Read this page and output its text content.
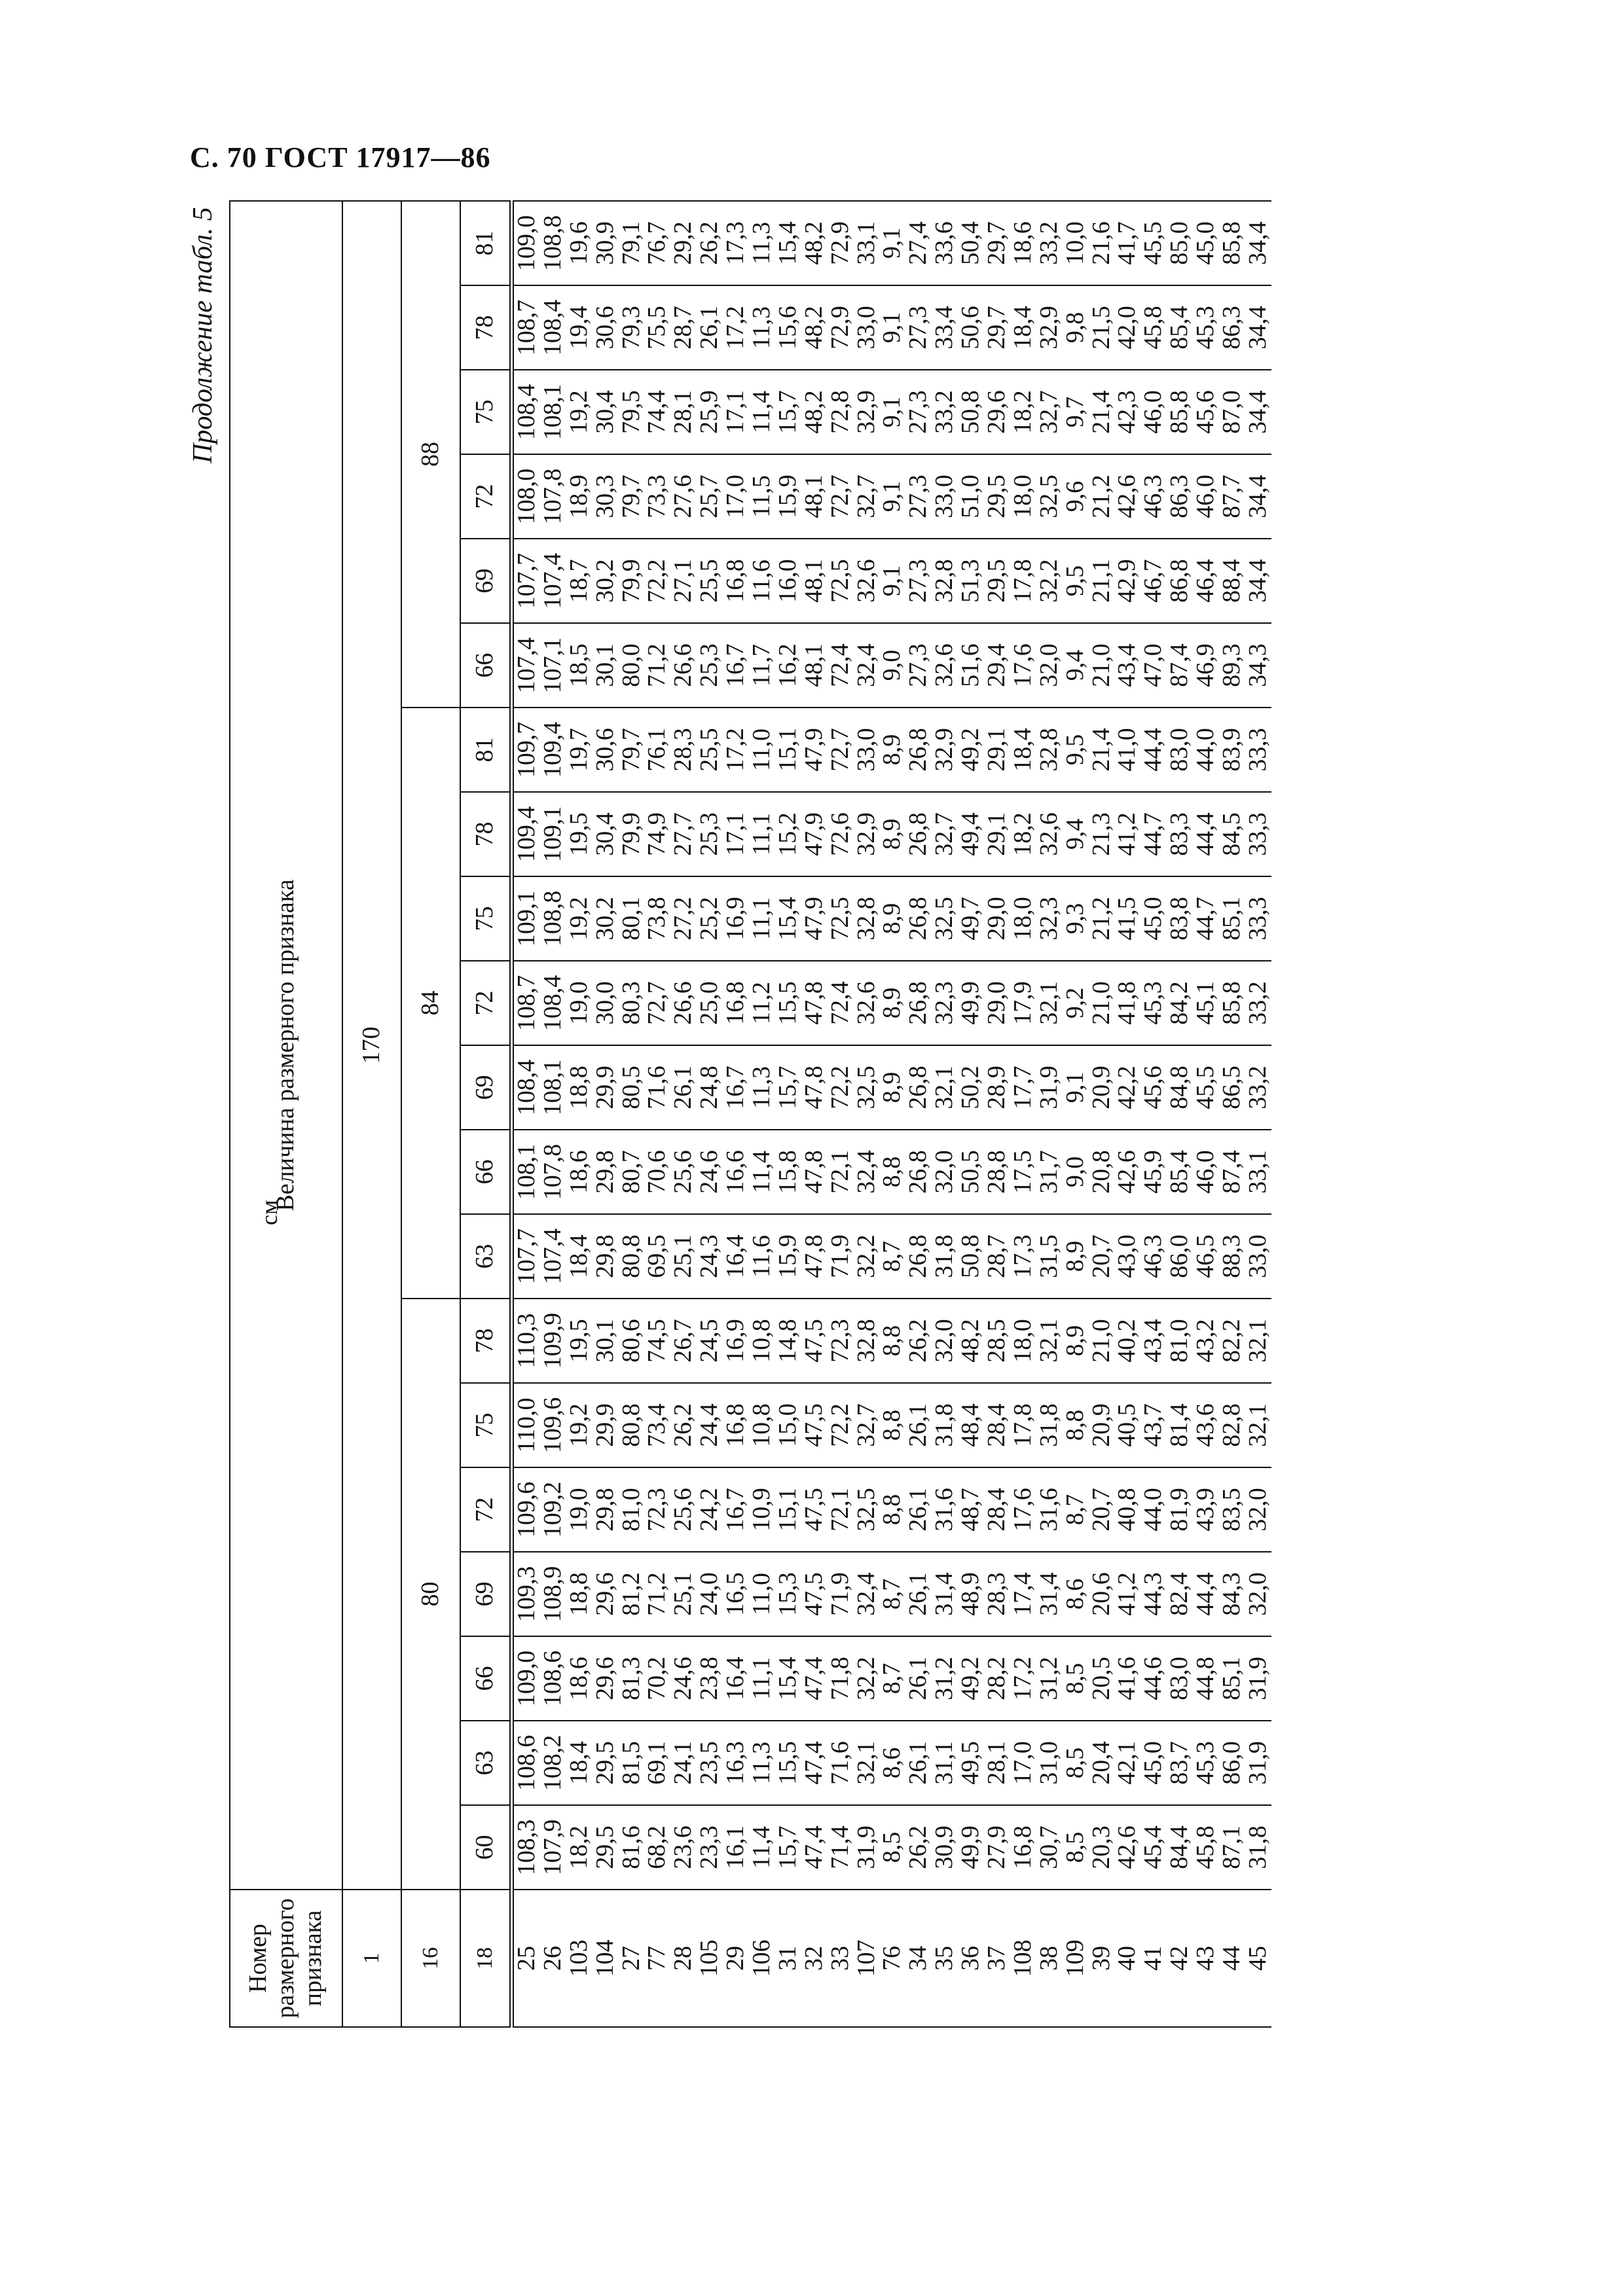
С. 70 ГОСТ 17917—86
Продолжение табл. 5
см
Номер размерного признака	Величина размерного признака																			
1	170																			
16	80							84							88					
18	60	63	66	69	72	75	78	63	66	69	72	75	78	81	66	69	72	75	78	81
25	108,3	108,6	109,0	109,3	109,6	110,0	110,3	107,7	108,1	108,4	108,7	109,1	109,4	109,7	107,4	107,7	108,0	108,4	108,7	109,0
26	107,9	108,2	108,6	108,9	109,2	109,6	109,9	107,4	107,8	108,1	108,4	108,8	109,1	109,4	107,1	107,4	107,8	108,1	108,4	108,8
103	18,2	18,4	18,6	18,8	19,0	19,2	19,5	18,4	18,6	18,8	19,0	19,2	19,5	19,7	18,5	18,7	18,9	19,2	19,4	19,6
104	29,5	29,5	29,6	29,6	29,8	29,9	30,1	29,8	29,8	29,9	30,0	30,2	30,4	30,6	30,1	30,2	30,3	30,4	30,6	30,9
27	81,6	81,5	81,3	81,2	81,0	80,8	80,6	80,8	80,7	80,5	80,3	80,1	79,9	79,7	80,0	79,9	79,7	79,5	79,3	79,1
77	68,2	69,1	70,2	71,2	72,3	73,4	74,5	69,5	70,6	71,6	72,7	73,8	74,9	76,1	71,2	72,2	73,3	74,4	75,5	76,7
28	23,6	24,1	24,6	25,1	25,6	26,2	26,7	25,1	25,6	26,1	26,6	27,2	27,7	28,3	26,6	27,1	27,6	28,1	28,7	29,2
105	23,3	23,5	23,8	24,0	24,2	24,4	24,5	24,3	24,6	24,8	25,0	25,2	25,3	25,5	25,3	25,5	25,7	25,9	26,1	26,2
29	16,1	16,3	16,4	16,5	16,7	16,8	16,9	16,4	16,6	16,7	16,8	16,9	17,1	17,2	16,7	16,8	17,0	17,1	17,2	17,3
106	11,4	11,3	11,1	11,0	10,9	10,8	10,8	11,6	11,4	11,3	11,2	11,1	11,1	11,0	11,7	11,6	11,5	11,4	11,3	11,3
31	15,7	15,5	15,4	15,3	15,1	15,0	14,8	15,9	15,8	15,7	15,5	15,4	15,2	15,1	16,2	16,0	15,9	15,7	15,6	15,4
32	47,4	47,4	47,4	47,5	47,5	47,5	47,5	47,8	47,8	47,8	47,8	47,9	47,9	47,9	48,1	48,1	48,1	48,2	48,2	48,2
33	71,4	71,6	71,8	71,9	72,1	72,2	72,3	71,9	72,1	72,2	72,4	72,5	72,6	72,7	72,4	72,5	72,7	72,8	72,9	72,9
107	31,9	32,1	32,2	32,4	32,5	32,7	32,8	32,2	32,4	32,5	32,6	32,8	32,9	33,0	32,4	32,6	32,7	32,9	33,0	33,1
76	8,5	8,6	8,7	8,7	8,8	8,8	8,8	8,7	8,8	8,9	8,9	8,9	8,9	8,9	9,0	9,1	9,1	9,1	9,1	9,1
34	26,2	26,1	26,1	26,1	26,1	26,1	26,2	26,8	26,8	26,8	26,8	26,8	26,8	26,8	27,3	27,3	27,3	27,3	27,3	27,4
35	30,9	31,1	31,2	31,4	31,6	31,8	32,0	31,8	32,0	32,1	32,3	32,5	32,7	32,9	32,6	32,8	33,0	33,2	33,4	33,6
36	49,9	49,5	49,2	48,9	48,7	48,4	48,2	50,8	50,5	50,2	49,9	49,7	49,4	49,2	51,6	51,3	51,0	50,8	50,6	50,4
37	27,9	28,1	28,2	28,3	28,4	28,4	28,5	28,7	28,8	28,9	29,0	29,0	29,1	29,1	29,4	29,5	29,5	29,6	29,7	29,7
108	16,8	17,0	17,2	17,4	17,6	17,8	18,0	17,3	17,5	17,7	17,9	18,0	18,2	18,4	17,6	17,8	18,0	18,2	18,4	18,6
38	30,7	31,0	31,2	31,4	31,6	31,8	32,1	31,5	31,7	31,9	32,1	32,3	32,6	32,8	32,0	32,2	32,5	32,7	32,9	33,2
109	8,5	8,5	8,5	8,6	8,7	8,8	8,9	8,9	9,0	9,1	9,2	9,3	9,4	9,5	9,4	9,5	9,6	9,7	9,8	10,0
39	20,3	20,4	20,5	20,6	20,7	20,9	21,0	20,7	20,8	20,9	21,0	21,2	21,3	21,4	21,0	21,1	21,2	21,4	21,5	21,6
40	42,6	42,1	41,6	41,2	40,8	40,5	40,2	43,0	42,6	42,2	41,8	41,5	41,2	41,0	43,4	42,9	42,6	42,3	42,0	41,7
41	45,4	45,0	44,6	44,3	44,0	43,7	43,4	46,3	45,9	45,6	45,3	45,0	44,7	44,4	47,0	46,7	46,3	46,0	45,8	45,5
42	84,4	83,7	83,0	82,4	81,9	81,4	81,0	86,0	85,4	84,8	84,2	83,8	83,3	83,0	87,4	86,8	86,3	85,8	85,4	85,0
43	45,8	45,3	44,8	44,4	43,9	43,6	43,2	46,5	46,0	45,5	45,1	44,7	44,4	44,0	46,9	46,4	46,0	45,6	45,3	45,0
44	87,1	86,0	85,1	84,3	83,5	82,8	82,2	88,3	87,4	86,5	85,8	85,1	84,5	83,9	89,3	88,4	87,7	87,0	86,3	85,8
45	31,8	31,9	31,9	32,0	32,0	32,1	32,1	33,0	33,1	33,2	33,2	33,3	33,3	33,3	34,3	34,4	34,4	34,4	34,4	34,4
